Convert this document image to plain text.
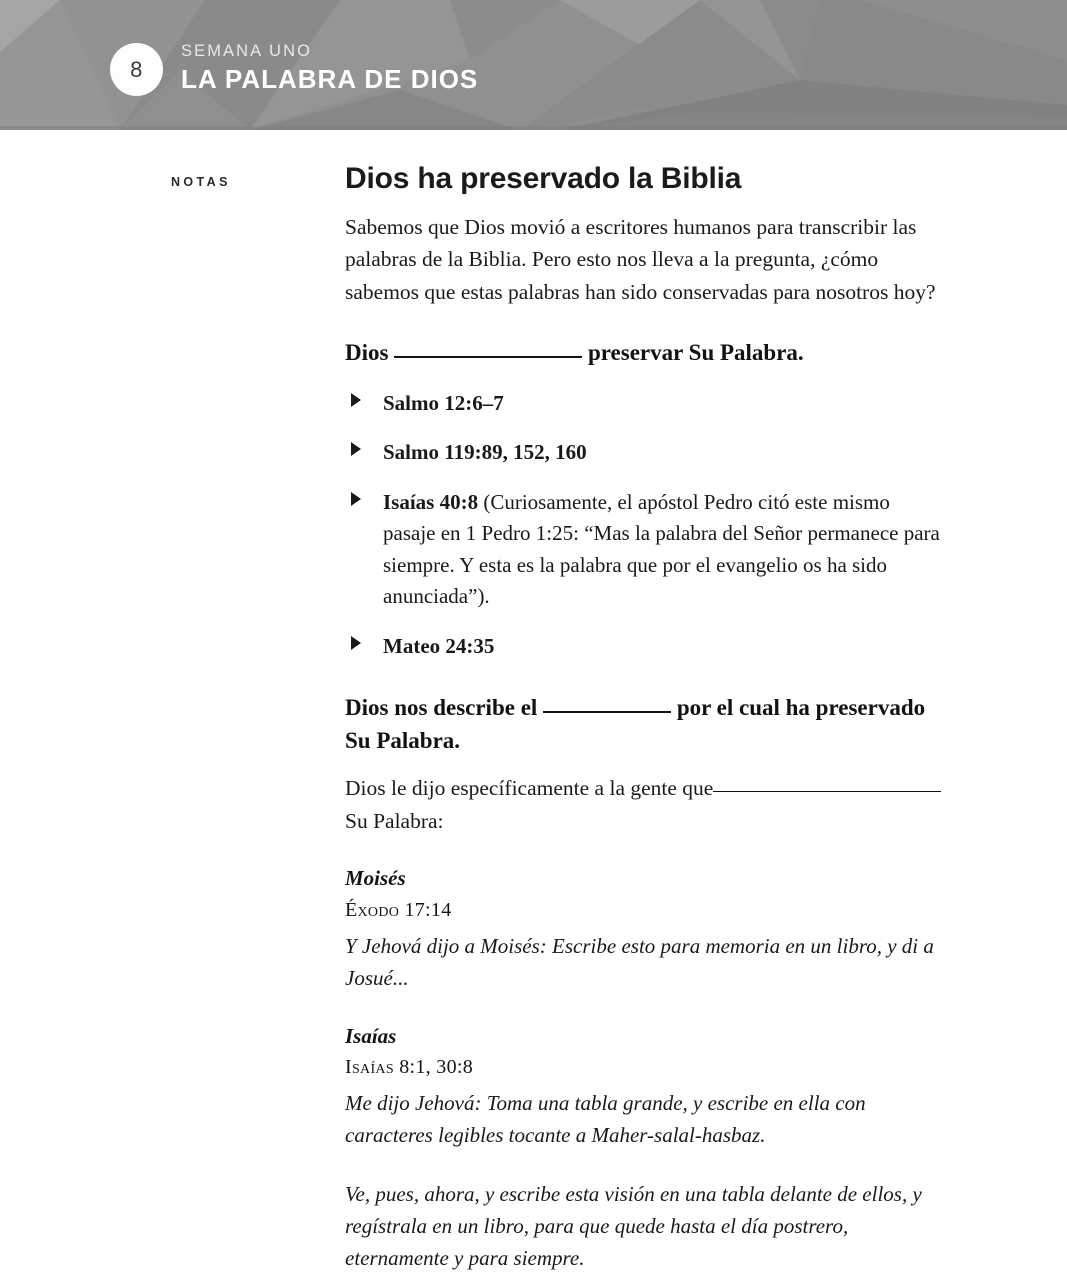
8
SEMANA UNO
LA PALABRA DE DIOS
NOTAS	Dios ha preservado la Biblia

Sabemos que Dios movió a escritores humanos para transcribir las palabras de la Biblia. Pero esto nos lleva a la pregunta, ¿cómo sabemos que estas palabras han sido conservadas para nosotros hoy?

Dios	preservar Su Palabra.
Salmo 12:6–7
Salmo 119:89, 152, 160
Isaías 40:8 (Curiosamente, el apóstol Pedro citó este mismo pasaje en 1 Pedro 1:25: “Mas la palabra del Señor permanece para siempre. Y esta es la palabra que por el evangelio os ha sido anunciada”).
Mateo 24:35
Dios nos describe el	por el cual ha preservado Su Palabra.

Dios le dijo específicamente a la gente que Su Palabra:

Moisés

Éxodo 17:14

Y Jehová dijo a Moisés: Escribe esto para memoria en un libro, y di a Josué...

Isaías

Isaías 8:1, 30:8

Me dijo Jehová: Toma una tabla grande, y escribe en ella con caracteres legibles tocante a Maher-salal-hasbaz.

Ve, pues, ahora, y escribe esta visión en una tabla delante de ellos, y regístrala en un libro, para que quede hasta el día postrero, eternamente y para siempre.
